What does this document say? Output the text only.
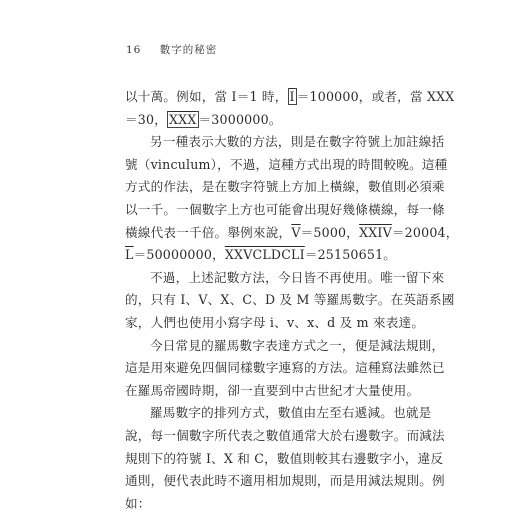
16 數字的秘密
以十萬。例如，當 I＝1 時， $\overline{I} =100000$，或者，當 XXX
＝30， $\overline{XXX} =3000000$。
另一種表示大數的方法，則是在數字符號上加註線括
號（vinculum），不過，這種方式出現的時間較晚。這種
方式的作法，是在數字符號上方加上橫線，數值則必須乘
以一千。一個數字上方也可能會出現好幾條橫線，每一條
橫線代表一千倍。舉例來說，$\overline{V}=5000$，XXIV＝20004，
$\overline{L}=50000000$，XXVCLDCLI＝25150651。
不過，上述記數方法，今日皆不再使用。唯一留下來
的，只有 I、V、X、C、D 及 M 等羅馬數字。在英語系國
家，人們也使用小寫字母 i、v、x、d 及 m 來表達。
今日常見的羅馬數字表達方式之一，便是減法規則，
這是用來避免四個同樣數字連寫的方法。這種寫法雖然已
在羅馬帝國時期，卻一直要到中古世紀才大量使用。
羅馬數字的排列方式，數值由左至右遞減。也就是
說，每一個數字所代表之數值通常大於右邊數字。而減法
規則下的符號 I、X 和 C，數值則較其右邊數字小，違反
通則，便代表此時不適用相加規則，而是用減法規則。例
如：
